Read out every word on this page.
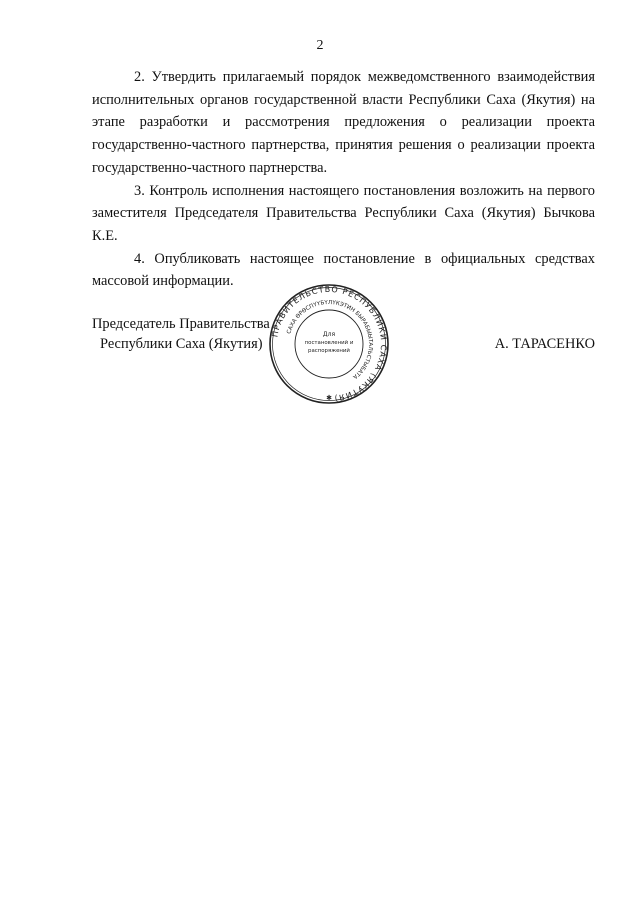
2

2. Утвердить прилагаемый порядок межведомственного взаимодействия исполнительных органов государственной власти Республики Саха (Якутия) на этапе разработки и рассмотрения предложения о реализации проекта государственно-частного партнерства, принятия решения о реализации проекта государственно-частного партнерства.

3. Контроль исполнения настоящего постановления возложить на первого заместителя Председателя Правительства Республики Саха (Якутия) Бычкова К.Е.

4. Опубликовать настоящее постановление в официальных средствах массовой информации.

Председатель Правительства
Республики Саха (Якутия)	А. ТАРАСЕНКО
ПРАВИТЕЛЬСТВО РЕСПУБЛИКИ САХА (ЯКУТИЯ)
САХА ӨРӨСПҮҮБҮЛҮКЭТИН БЫРАБЫЫТАЛЬСТЫБАТА
Для
постановлений и
распоряжений
✱
